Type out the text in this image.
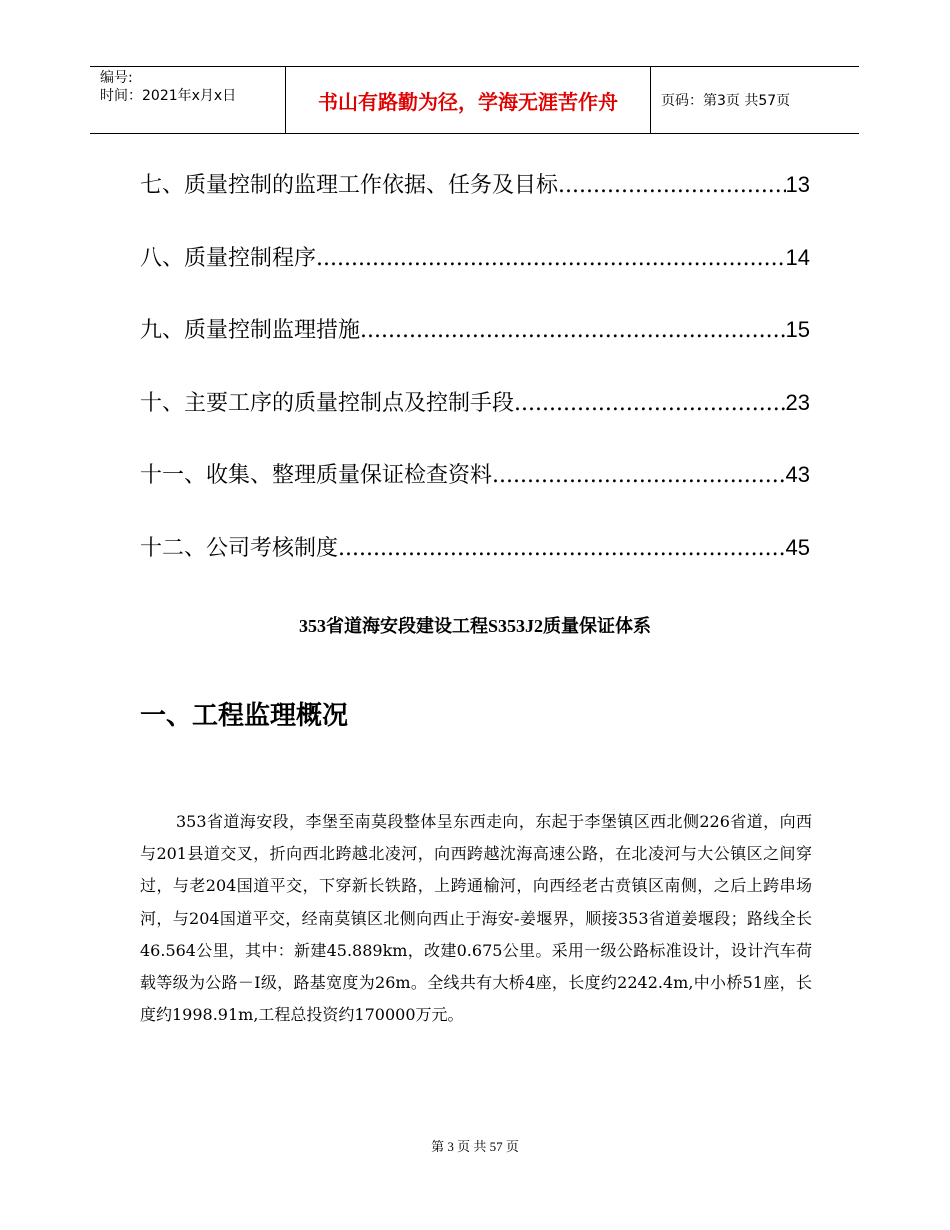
编号:
时间：2021年x月x日	书山有路勤为径，学海无涯苦作舟	页码：第3页 共57页
七、质量控制的监理工作依据、任务及目标 .....	13
八、质量控制程序 .....	14
九、质量控制监理措施 .....	15
十、主要工序的质量控制点及控制手段 .....	23
十一、收集、整理质量保证检查资料 .....	43
十二、公司考核制度 .....	45
353省道海安段建设工程S353J2质量保证体系
一、工程监理概况
353省道海安段，李堡至南莫段整体呈东西走向，东起于李堡镇区西北侧226省道，向西与201县道交叉，折向西北跨越北凌河，向西跨越沈海高速公路，在北凌河与大公镇区之间穿过，与老204国道平交，下穿新长铁路，上跨通榆河，向西经老古贲镇区南侧，之后上跨串场河，与204国道平交，经南莫镇区北侧向西止于海安-姜堰界，顺接353省道姜堰段；路线全长46.564公里，其中：新建45.889km，改建0.675公里。采用一级公路标准设计，设计汽车荷载等级为公路－Ⅰ级，路基宽度为26m。全线共有大桥4座，长度约2242.4m,中小桥51座，长度约1998.91m,工程总投资约170000万元。
第 3 页 共 57 页
